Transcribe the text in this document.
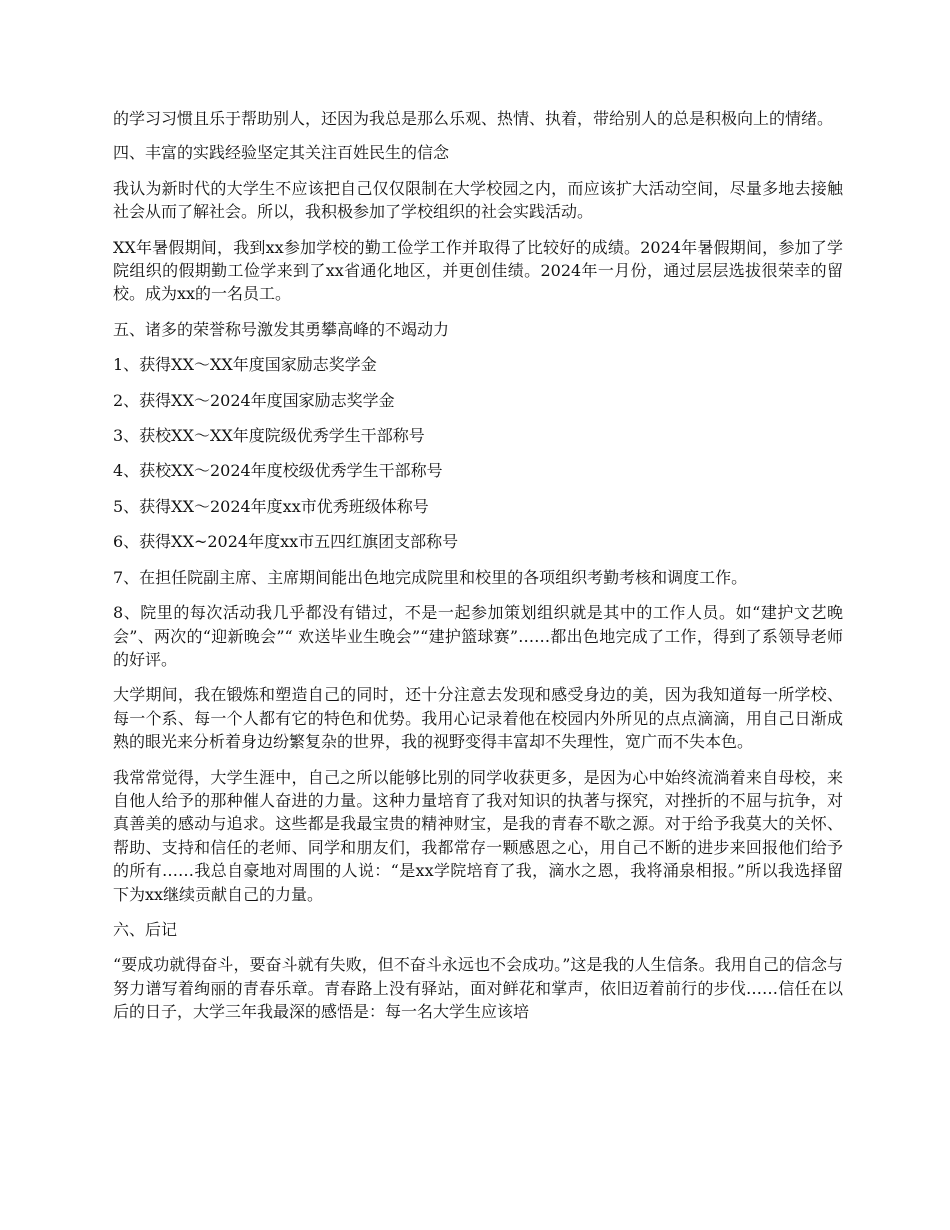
的学习习惯且乐于帮助别人，还因为我总是那么乐观、热情、执着，带给别人的总是积极向上的情绪。

四、丰富的实践经验坚定其关注百姓民生的信念

我认为新时代的大学生不应该把自己仅仅限制在大学校园之内，而应该扩大活动空间，尽量多地去接触社会从而了解社会。所以，我积极参加了学校组织的社会实践活动。

XX年暑假期间，我到xx参加学校的勤工俭学工作并取得了比较好的成绩。2024年暑假期间，参加了学院组织的假期勤工俭学来到了xx省通化地区，并更创佳绩。2024年一月份，通过层层选拔很荣幸的留校。成为xx的一名员工。

五、诸多的荣誉称号激发其勇攀高峰的不竭动力

1、获得XX～XX年度国家励志奖学金

2、获得XX～2024年度国家励志奖学金

3、获校XX～XX年度院级优秀学生干部称号

4、获校XX～2024年度校级优秀学生干部称号

5、获得XX～2024年度xx市优秀班级体称号

6、获得XX~2024年度xx市五四红旗团支部称号

7、在担任院副主席、主席期间能出色地完成院里和校里的各项组织考勤考核和调度工作。

8、院里的每次活动我几乎都没有错过，不是一起参加策划组织就是其中的工作人员。如“建护文艺晚会”、两次的“迎新晚会”“ 欢送毕业生晚会”“建护篮球赛”……都出色地完成了工作，得到了系领导老师的好评。

大学期间，我在锻炼和塑造自己的同时，还十分注意去发现和感受身边的美，因为我知道每一所学校、每一个系、每一个人都有它的特色和优势。我用心记录着他在校园内外所见的点点滴滴，用自己日渐成熟的眼光来分析着身边纷繁复杂的世界，我的视野变得丰富却不失理性，宽广而不失本色。

我常常觉得，大学生涯中，自己之所以能够比别的同学收获更多，是因为心中始终流淌着来自母校，来自他人给予的那种催人奋进的力量。这种力量培育了我对知识的执著与探究，对挫折的不屈与抗争，对真善美的感动与追求。这些都是我最宝贵的精神财宝，是我的青春不歇之源。对于给予我莫大的关怀、帮助、支持和信任的老师、同学和朋友们，我都常存一颗感恩之心，用自己不断的进步来回报他们给予的所有……我总自豪地对周围的人说：“是xx学院培育了我，滴水之恩，我将涌泉相报。”所以我选择留下为xx继续贡献自己的力量。

六、后记

“要成功就得奋斗，要奋斗就有失败，但不奋斗永远也不会成功。”这是我的人生信条。我用自己的信念与努力谱写着绚丽的青春乐章。青春路上没有驿站，面对鲜花和掌声，依旧迈着前行的步伐……信任在以后的日子，大学三年我最深的感悟是：每一名大学生应该培
